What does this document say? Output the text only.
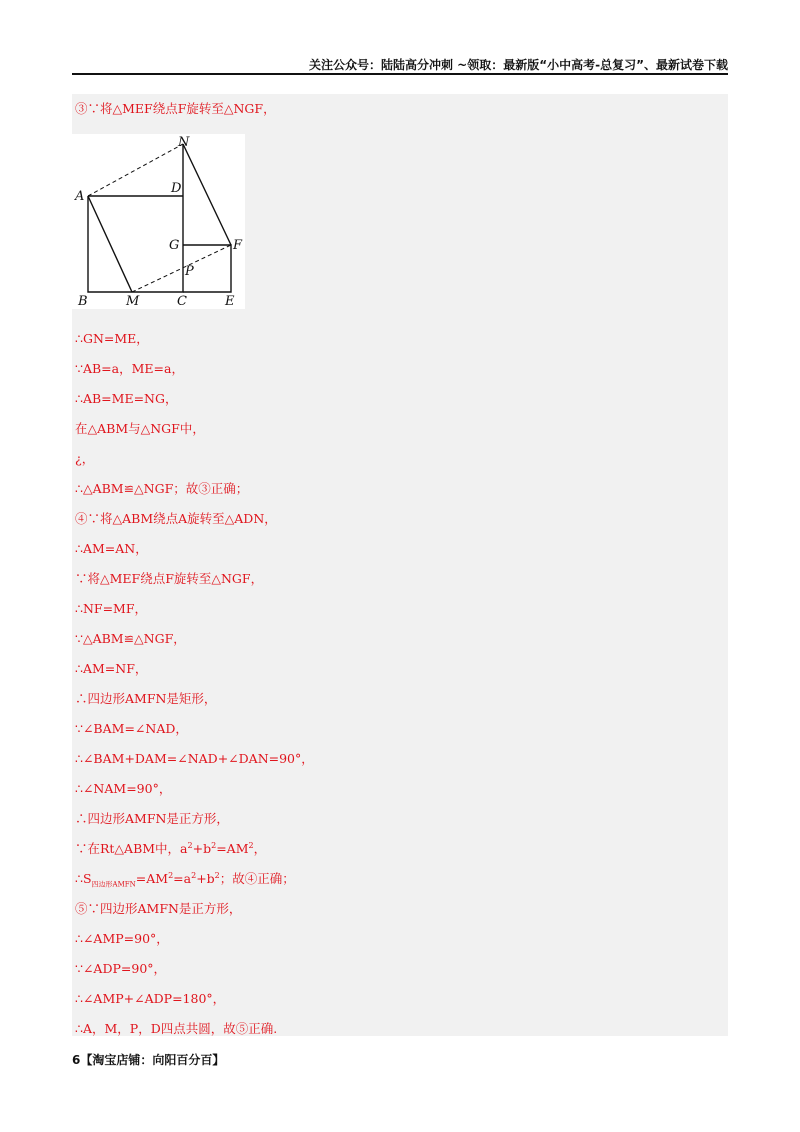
关注公众号：陆陆高分冲刺 ~领取：最新版“小中高考-总复习”、最新试卷下载
③∵将△MEF绕点F旋转至△NGF，
A
B	M	C	E
D
N
G	F
P
∴GN=ME，
∵AB=a，ME=a，
∴AB=ME=NG，
在△ABM与△NGF中，
¿，
∴△ABM≌△NGF；故③正确；
④∵将△ABM绕点A旋转至△ADN，
∴AM=AN，
∵将△MEF绕点F旋转至△NGF，
∴NF=MF，
∵△ABM≌△NGF，
∴AM=NF，
∴四边形AMFN是矩形，
∵∠BAM=∠NAD，
∴∠BAM+DAM=∠NAD+∠DAN=90°，
∴∠NAM=90°，
∴四边形AMFN是正方形，
∵在Rt△ABM中，$a^2+b^2=AM^2$，
$\therefore S_{四边形AMFN}=AM^2=a^2+b^2$；故④正确；
⑤∵四边形AMFN是正方形，
∴∠AMP=90°，
∵∠ADP=90°，
∴∠AMP+∠ADP=180°，
∴A，M，P，D四点共圆，故⑤正确.
6【淘宝店铺：向阳百分百】
